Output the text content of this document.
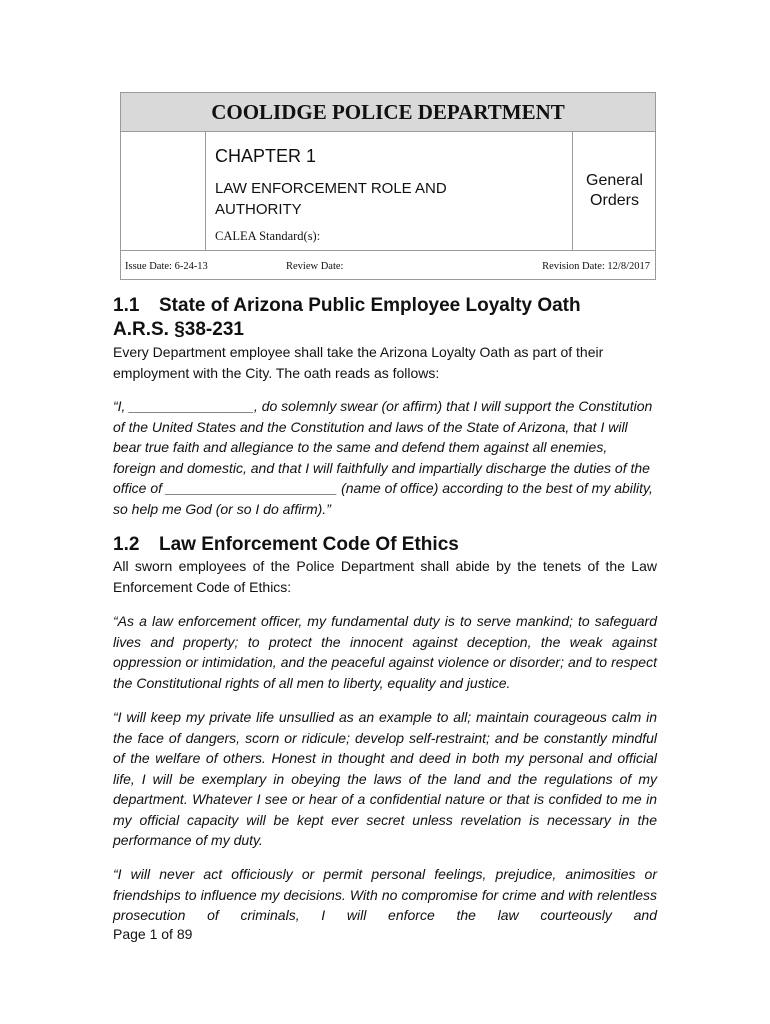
COOLIDGE POLICE DEPARTMENT
CHAPTER 1
LAW ENFORCEMENT ROLE AND AUTHORITY
CALEA Standard(s):
General
Orders
Issue Date: 6-24-13	Review Date:	Revision Date: 12/8/2017
1.1 State of Arizona Public Employee Loyalty Oath
A.R.S. §38-231

Every Department employee shall take the Arizona Loyalty Oath as part of their employment with the City. The oath reads as follows:

“I, ________________, do solemnly swear (or affirm) that I will support the Constitution of the United States and the Constitution and laws of the State of Arizona, that I will bear true faith and allegiance to the same and defend them against all enemies, foreign and domestic, and that I will faithfully and impartially discharge the duties of the office of ______________________ (name of office) according to the best of my ability, so help me God (or so I do affirm).”

1.2 Law Enforcement Code Of Ethics

All sworn employees of the Police Department shall abide by the tenets of the Law Enforcement Code of Ethics:

“As a law enforcement officer, my fundamental duty is to serve mankind; to safeguard lives and property; to protect the innocent against deception, the weak against oppression or intimidation, and the peaceful against violence or disorder; and to respect the Constitutional rights of all men to liberty, equality and justice.

“I will keep my private life unsullied as an example to all; maintain courageous calm in the face of dangers, scorn or ridicule; develop self-restraint; and be constantly mindful of the welfare of others. Honest in thought and deed in both my personal and official life, I will be exemplary in obeying the laws of the land and the regulations of my department. Whatever I see or hear of a confidential nature or that is confided to me in my official capacity will be kept ever secret unless revelation is necessary in the performance of my duty.

“I will never act officiously or permit personal feelings, prejudice, animosities or friendships to influence my decisions. With no compromise for crime and with relentless prosecution of criminals, I will enforce the law courteously and

Page 1 of 89
